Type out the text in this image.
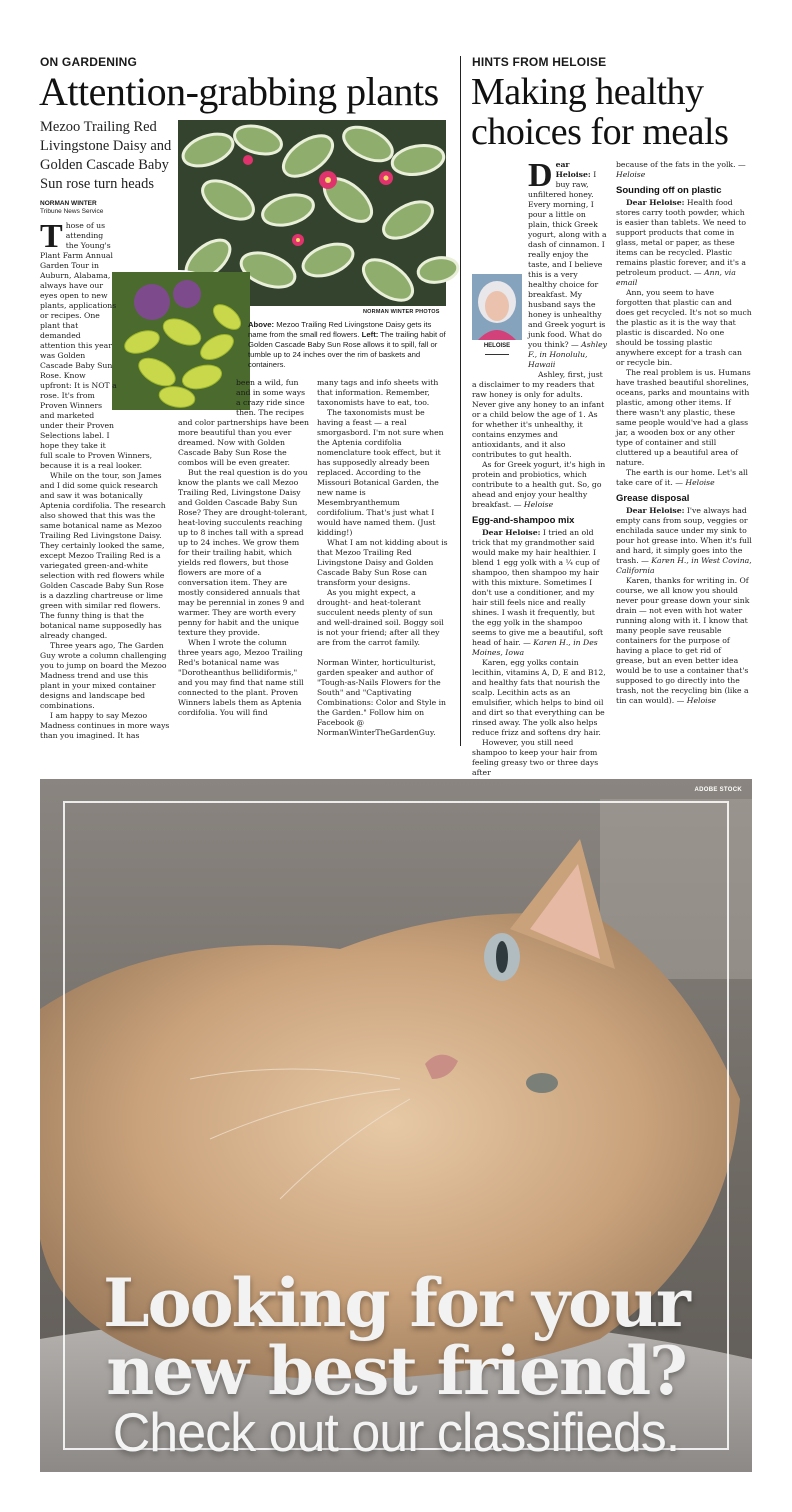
ON GARDENING
Attention-grabbing plants
Mezoo Trailing Red Livingstone Daisy and Golden Cascade Baby Sun rose turn heads
NORMAN WINTER
Tribune News Service
NORMAN WINTER PHOTOS
Above: Mezoo Trailing Red Livingstone Daisy gets its name from the small red flowers. Left: The trailing habit of Golden Cascade Baby Sun Rose allows it to spill, fall or tumble up to 24 inches over the rim of baskets and containers.

Those of us attending the Young's Plant Farm Annual Garden Tour in Auburn, Alabama, always have our eyes open to new plants, applications or recipes. One plant that demanded attention this year was Golden Cascade Baby Sun Rose. Know upfront: It is NOT a rose. It's from Proven Winners and marketed under their Proven Selections label. I hope they take it full scale to Proven Winners, because it is a real looker.

While on the tour, son James and I did some quick research and saw it was botanically Aptenia cordifolia. The research also showed that this was the same botanical name as Mezoo Trailing Red Livingstone Daisy. They certainly looked the same, except Mezoo Trailing Red is a variegated green-and-white selection with red flowers while Golden Cascade Baby Sun Rose is a dazzling chartreuse or lime green with similar red flowers. The funny thing is that the botanical name supposedly has already changed.

Three years ago, The Garden Guy wrote a column challenging you to jump on board the Mezoo Madness trend and use this plant in your mixed container designs and landscape bed combinations.

I am happy to say Mezoo Madness continues in more ways than you imagined. It has

been a wild, fun and in some ways a crazy ride since then. The recipes and color partnerships have been more beautiful than you ever dreamed. Now with Golden Cascade Baby Sun Rose the combos will be even greater.

But the real question is do you know the plants we call Mezoo Trailing Red, Livingstone Daisy and Golden Cascade Baby Sun Rose? They are drought-tolerant, heat-loving succulents reaching up to 8 inches tall with a spread up to 24 inches. We grow them for their trailing habit, which yields red flowers, but those flowers are more of a conversation item. They are mostly considered annuals that may be perennial in zones 9 and warmer. They are worth every penny for habit and the unique texture they provide.

When I wrote the column three years ago, Mezoo Trailing Red's botanical name was "Dorotheanthus bellidiformis," and you may find that name still connected to the plant. Proven Winners labels them as Aptenia cordifolia. You will find

many tags and info sheets with that information. Remember, taxonomists have to eat, too.

The taxonomists must be having a feast — a real smorgasbord. I'm not sure when the Aptenia cordifolia nomenclature took effect, but it has supposedly already been replaced. According to the Missouri Botanical Garden, the new name is Mesembryanthemum cordifolium. That's just what I would have named them. (Just kidding!)

What I am not kidding about is that Mezoo Trailing Red Livingstone Daisy and Golden Cascade Baby Sun Rose can transform your designs.

As you might expect, a drought- and heat-tolerant succulent needs plenty of sun and well-drained soil. Boggy soil is not your friend; after all they are from the carrot family.

Norman Winter, horticulturist, garden speaker and author of "Tough-as-Nails Flowers for the South" and "Captivating Combinations: Color and Style in the Garden." Follow him on Facebook @ NormanWinterTheGardenGuy.

HINTS FROM HELOISE
Making healthy
choices for meals
HELOISE

Dear Heloise: I buy raw, unfiltered honey. Every morning, I pour a little on plain, thick Greek yogurt, along with a dash of cinnamon. I really enjoy the taste, and I believe this is a very healthy choice for breakfast. My husband says the honey is unhealthy and Greek yogurt is junk food. What do you think? — Ashley F., in Honolulu, Hawaii

Ashley, first, just a disclaimer to my readers that raw honey is only for adults. Never give any honey to an infant or a child below the age of 1. As for whether it's unhealthy, it contains enzymes and antioxidants, and it also contributes to gut health.

As for Greek yogurt, it's high in protein and probiotics, which contribute to a health gut. So, go ahead and enjoy your healthy breakfast. — Heloise

Egg-and-shampoo mix

Dear Heloise: I tried an old trick that my grandmother said would make my hair healthier. I blend 1 egg yolk with a ¼ cup of shampoo, then shampoo my hair with this mixture. Sometimes I don't use a conditioner, and my hair still feels nice and really shines. I wash it frequently, but the egg yolk in the shampoo seems to give me a beautiful, soft head of hair. — Karen H., in Des Moines, Iowa

Karen, egg yolks contain lecithin, vitamins A, D, E and B12, and healthy fats that nourish the scalp. Lecithin acts as an emulsifier, which helps to bind oil and dirt so that everything can be rinsed away. The yolk also helps reduce frizz and softens dry hair.

However, you still need shampoo to keep your hair from feeling greasy two or three days after

because of the fats in the yolk. — Heloise

Sounding off on plastic

Dear Heloise: Health food stores carry tooth powder, which is easier than tablets. We need to support products that come in glass, metal or paper, as these items can be recycled. Plastic remains plastic forever, and it's a petroleum product. — Ann, via email

Ann, you seem to have forgotten that plastic can and does get recycled. It's not so much the plastic as it is the way that plastic is discarded. No one should be tossing plastic anywhere except for a trash can or recycle bin.

The real problem is us. Humans have trashed beautiful shorelines, oceans, parks and mountains with plastic, among other items. If there wasn't any plastic, these same people would've had a glass jar, a wooden box or any other type of container and still cluttered up a beautiful area of nature.

The earth is our home. Let's all take care of it. — Heloise

Grease disposal

Dear Heloise: I've always had empty cans from soup, veggies or enchilada sauce under my sink to pour hot grease into. When it's full and hard, it simply goes into the trash. — Karen H., in West Covina, California

Karen, thanks for writing in. Of course, we all know you should never pour grease down your sink drain — not even with hot water running along with it. I know that many people save reusable containers for the purpose of having a place to get rid of grease, but an even better idea would be to use a container that's supposed to go directly into the trash, not the recycling bin (like a tin can would). — Heloise

ADOBE STOCK
Looking for your
new best friend?
Check out our classifieds.
